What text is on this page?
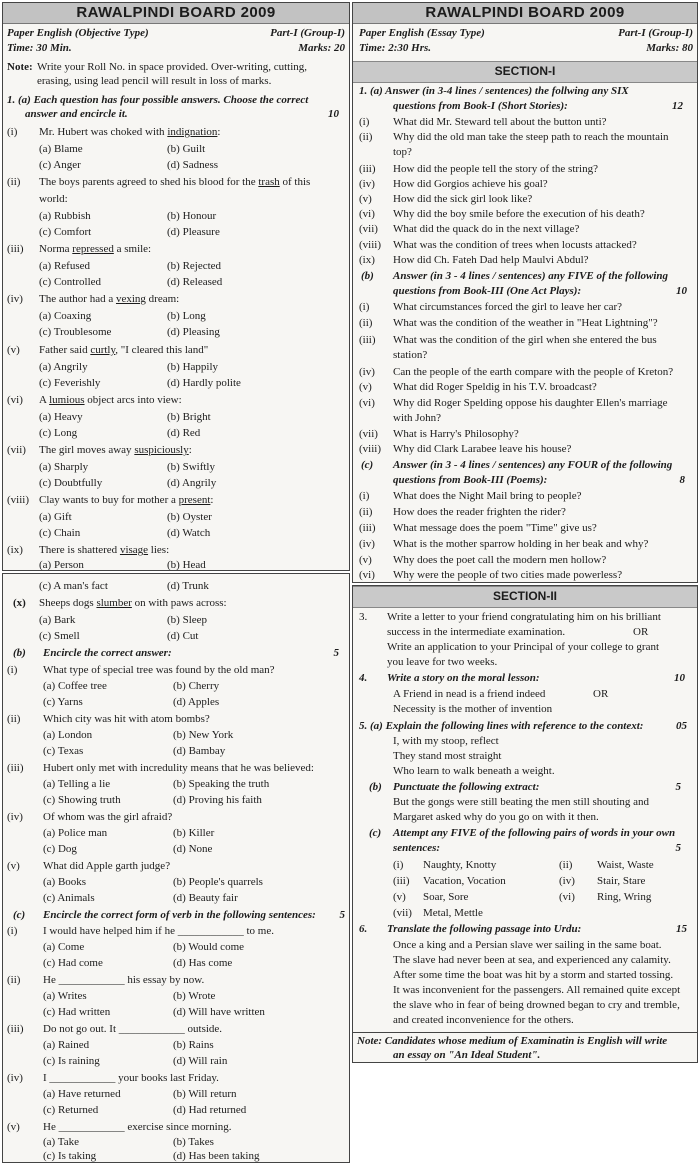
RAWALPINDI BOARD 2009
Paper English (Objective Type)	Part-I (Group-I)
Time: 30 Min.	Marks: 20
Note: Write your Roll No. in space provided. Over-writing, cutting,
erasing, using lead pencil will result in loss of marks.
1. (a) Each question has four possible answers. Choose the correct
answer and encircle it.	10
(i) Mr. Hubert was choked with indignation:
(a) Blame	(b) Guilt
(c) Anger	(d) Sadness
(ii) The boys parents agreed to shed his blood for the trash of this
world:
(a) Rubbish	(b) Honour
(c) Comfort	(d) Pleasure
(iii) Norma repressed a smile:
(a) Refused	(b) Rejected
(c) Controlled	(d) Released
(iv) The author had a vexing dream:
(a) Coaxing	(b) Long
(c) Troublesome	(d) Pleasing
(v) Father said curtly, "I cleared this land"
(a) Angrily	(b) Happily
(c) Feverishly	(d) Hardly polite
(vi) A lumious object arcs into view:
(a) Heavy	(b) Bright
(c) Long	(d) Red
(vii) The girl moves away suspiciously:
(a) Sharply	(b) Swiftly
(c) Doubtfully	(d) Angrily
(viii) Clay wants to buy for mother a present:
(a) Gift	(b) Oyster
(c) Chain	(d) Watch
(ix) There is shattered visage lies:
(a) Person	(b) Head
(c) A man's fact	(d) Trunk
(x) Sheeps dogs slumber on with paws across:
(a) Bark	(b) Sleep
(c) Smell	(d) Cut
(b) Encircle the correct answer:	5
(i) What type of special tree was found by the old man?
(a) Coffee tree	(b) Cherry
(c) Yarns	(d) Apples
(ii) Which city was hit with atom bombs?
(a) London	(b) New York
(c) Texas	(d) Bambay
(iii) Hubert only met with incredulity means that he was believed:
(a) Telling a lie	(b) Speaking the truth
(c) Showing truth	(d) Proving his faith
(iv) Of whom was the girl afraid?
(a) Police man	(b) Killer
(c) Dog	(d) None
(v) What did Apple garth judge?
(a) Books	(b) People's quarrels
(c) Animals	(d) Beauty fair
(c) Encircle the correct form of verb in the following sentences: 5
(i) I would have helped him if he ____________ to me.
(a) Come	(b) Would come
(c) Had come	(d) Has come
(ii) He ____________ his essay by now.
(a) Writes	(b) Wrote
(c) Had written	(d) Will have written
(iii) Do not go out. It ____________ outside.
(a) Rained	(b) Rains
(c) Is raining	(d) Will rain
(iv) I ____________ your books last Friday.
(a) Have returned	(b) Will return
(c) Returned	(d) Had returned
(v) He ____________ exercise since morning.
(a) Take	(b) Takes
(c) Is taking	(d) Has been taking
RAWALPINDI BOARD 2009
Paper English (Essay Type)	Part-I (Group-I)
Time: 2:30 Hrs.	Marks: 80
SECTION-I
1. (a) Answer (in 3-4 lines / sentences) the follwing any SIX
questions from Book-I (Short Stories):	12
(i) What did Mr. Steward tell about the button unti?
(ii) Why did the old man take the steep path to reach the mountain
top?
(iii) How did the people tell the story of the string?
(iv) How did Gorgios achieve his goal?
(v) How did the sick girl look like?
(vi) Why did the boy smile before the execution of his death?
(vii) What did the quack do in the next village?
(viii) What was the condition of trees when locusts attacked?
(ix) How did Ch. Fateh Dad help Maulvi Abdul?
(b) Answer (in 3 - 4 lines / sentences) any FIVE of the following
questions from Book-III (One Act Plays):	10
(i) What circumstances forced the girl to leave her car?
(ii) What was the condition of the weather in "Heat Lightning"?
(iii) What was the condition of the girl when she entered the bus
station?
(iv) Can the people of the earth compare with the people of Kreton?
(v) What did Roger Speldig in his T.V. broadcast?
(vi) Why did Roger Spelding oppose his daughter Ellen's marriage
with John?
(vii) What is Harry's Philosophy?
(viii) Why did Clark Larabee leave his house?
(c) Answer (in 3 - 4 lines / sentences) any FOUR of the following
questions from Book-III (Poems):	8
(i) What does the Night Mail bring to people?
(ii) How does the reader frighten the rider?
(iii) What message does the poem "Time" give us?
(iv) What is the mother sparrow holding in her beak and why?
(v) Why does the poet call the modern men hollow?
(vi) Why were the people of two cities made powerless?
SECTION-II
3. Write a letter to your friend congratulating him on his brilliant
success in the intermediate examination.	OR
Write an application to your Principal of your college to grant
you leave for two weeks.
4. Write a story on the moral lesson:	10
A Friend in nead is a friend indeed	OR
Necessity is the mother of invention
5. (a) Explain the following lines with reference to the context:	05
I, with my stoop, reflect
They stand most straight
Who learn to walk beneath a weight.
(b) Punctuate the following extract:	5
But the gongs were still beating the men still shouting and
Margaret asked why do you go on with it then.
(c) Attempt any FIVE of the following pairs of words in your own
sentences:	5
(i) Naughty, Knotty	(ii) Waist, Waste
(iii) Vacation, Vocation	(iv) Stair, Stare
(v) Soar, Sore	(vi) Ring, Wring
(vii) Metal, Mettle
6. Translate the following passage into Urdu:	15
Once a king and a Persian slave wer sailing in the same boat.
The slave had never been at sea, and experienced any calamity.
After some time the boat was hit by a storm and started tossing.
It was inconvenient for the passengers. All remained quite except
the slave who in fear of being drowned began to cry and tremble,
and created inconvenience for the others.
Note: Candidates whose medium of Examinatin is English will write
an essay on "An Ideal Student".
